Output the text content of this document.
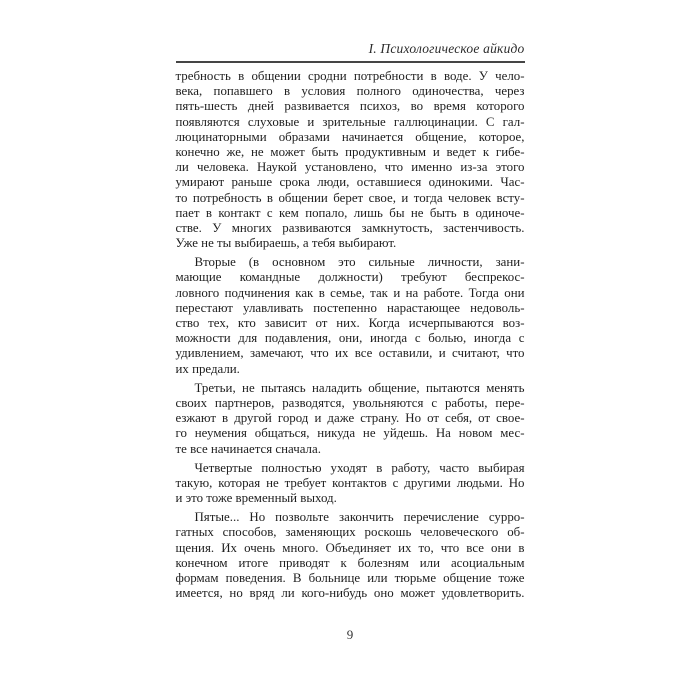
I. Психологическое айкидо

требность в общении сродни потребности в воде. У чело-
века, попавшего в условия полного одиночества, через
пять-шесть дней развивается психоз, во время которого
появляются слуховые и зрительные галлюцинации. С гал-
люцинаторными образами начинается общение, которое,
конечно же, не может быть продуктивным и ведет к гибе-
ли человека. Наукой установлено, что именно из-за этого
умирают раньше срока люди, оставшиеся одинокими. Час-
то потребность в общении берет свое, и тогда человек всту-
пает в контакт с кем попало, лишь бы не быть в одиноче-
стве. У многих развиваются замкнутость, застенчивость.
Уже не ты выбираешь, а тебя выбирают.

Вторые (в основном это сильные личности, зани-
мающие командные должности) требуют беспрекос-
ловного подчинения как в семье, так и на работе. Тогда они
перестают улавливать постепенно нарастающее недоволь-
ство тех, кто зависит от них. Когда исчерпываются воз-
можности для подавления, они, иногда с болью, иногда с
удивлением, замечают, что их все оставили, и считают, что
их предали.

Третьи, не пытаясь наладить общение, пытаются менять
своих партнеров, разводятся, увольняются с работы, пере-
езжают в другой город и даже страну. Но от себя, от свое-
го неумения общаться, никуда не уйдешь. На новом мес-
те все начинается сначала.

Четвертые полностью уходят в работу, часто выбирая
такую, которая не требует контактов с другими людьми. Но
и это тоже временный выход.

Пятые... Но позвольте закончить перечисление сурро-
гатных способов, заменяющих роскошь человеческого об-
щения. Их очень много. Объединяет их то, что все они в
конечном итоге приводят к болезням или асоциальным
формам поведения. В больнице или тюрьме общение тоже
имеется, но вряд ли кого-нибудь оно может удовлетворить.

9
